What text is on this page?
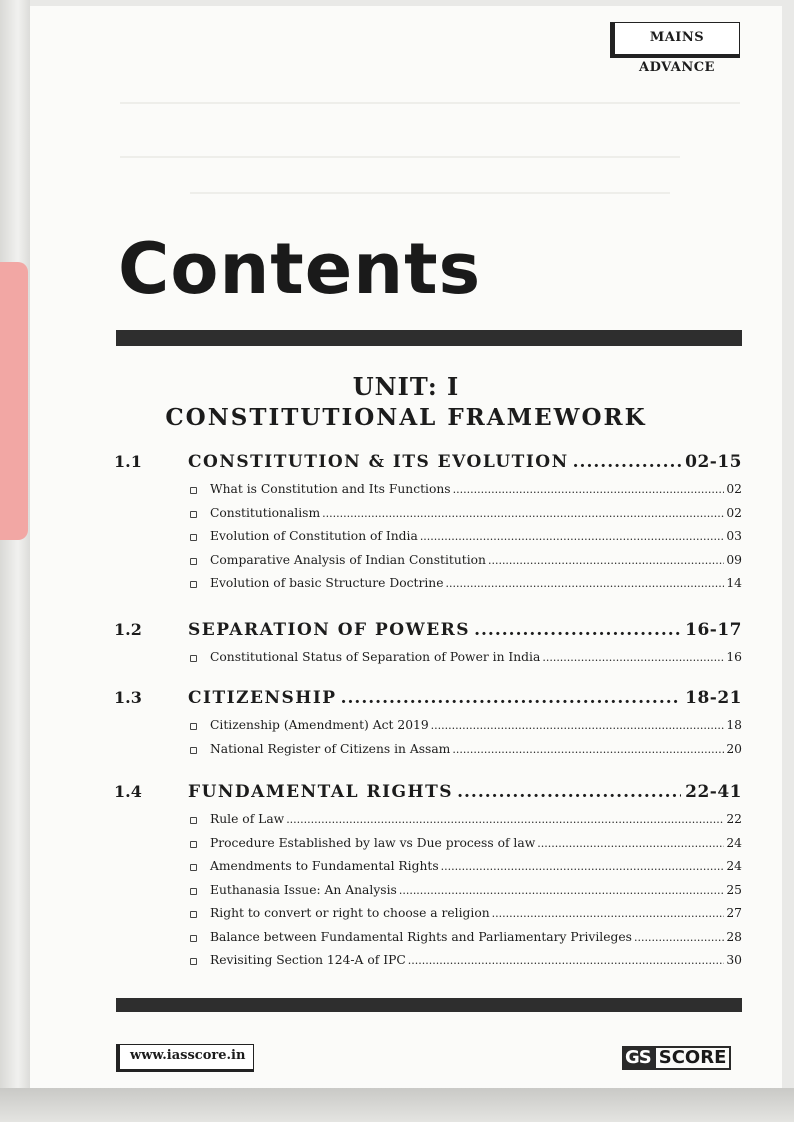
MAINS ADVANCE
Contents
UNIT: I
CONSTITUTIONAL FRAMEWORK
1.1	CONSTITUTION & ITS EVOLUTION .....	02-15
What is Constitution and Its Functions .....	02
Constitutionalism .....	02
Evolution of Constitution of India .....	03
Comparative Analysis of Indian Constitution .....	09
Evolution of basic Structure Doctrine .....	14
1.2	SEPARATION OF POWERS .....	16-17
Constitutional Status of Separation of Power in India .....	16
1.3	CITIZENSHIP .....	18-21
Citizenship (Amendment) Act 2019 .....	18
National Register of Citizens in Assam .....	20
1.4	FUNDAMENTAL RIGHTS .....	22-41
Rule of Law .....	22
Procedure Established by law vs Due process of law .....	24
Amendments to Fundamental Rights .....	24
Euthanasia Issue: An Analysis .....	25
Right to convert or right to choose a religion .....	27
Balance between Fundamental Rights and Parliamentary Privileges .....	28
Revisiting Section 124-A of IPC .....	30
www.iasscore.in	GS SCORE
